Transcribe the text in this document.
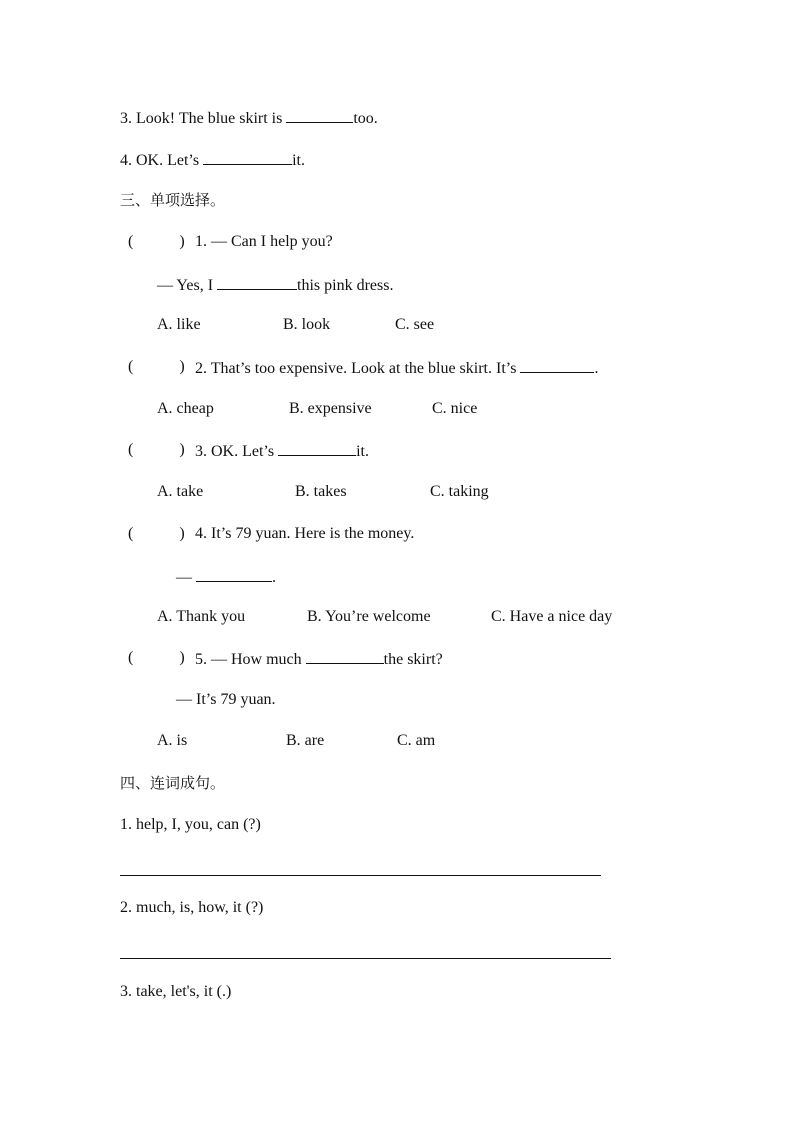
3. Look! The blue skirt is	too.
4. OK. Let’s	it.
三、单项选择。
(	) 1. — Can I help you?
— Yes, I	this pink dress.
A. like	B. look	C. see
(	) 2. That’s too expensive. Look at the blue skirt. It’s	.
A. cheap	B. expensive	C. nice
(	) 3. OK. Let’s	it.
A. take	B. takes	C. taking
(	) 4. It’s 79 yuan. Here is the money.
—	.
A. Thank you	B. You’re welcome	C. Have a nice day
(	) 5. — How much	the skirt?
— It’s 79 yuan.
A. is	B. are	C. am
四、连词成句。
1. help, I, you, can (?)
2. much, is, how, it (?)
3. take, let's, it (.)
